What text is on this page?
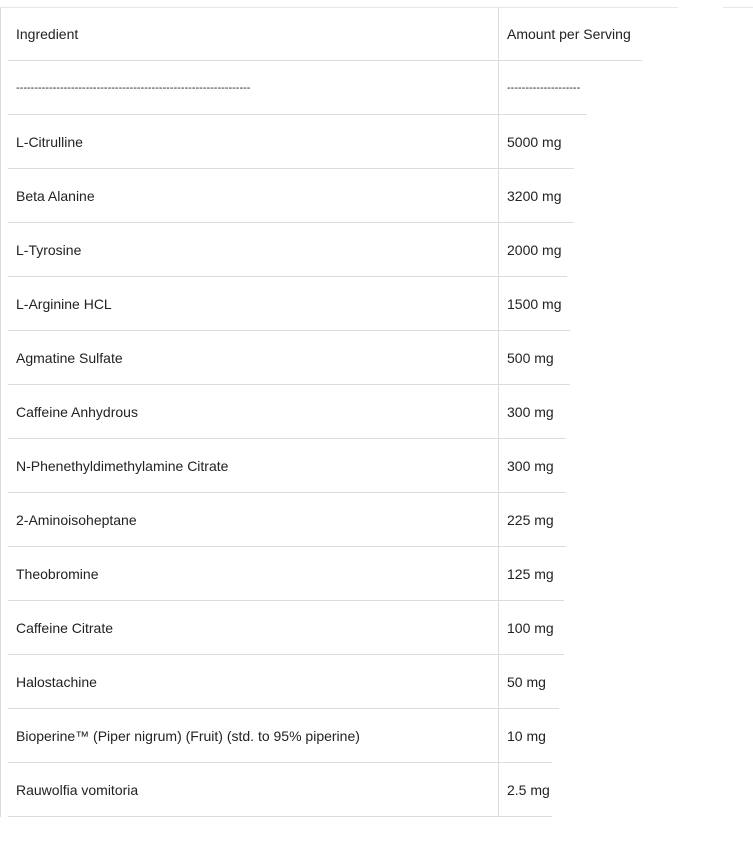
Ingredient	Amount per Serving
----------------------------------------------------------------	--------------------
L-Citrulline	5000 mg
Beta Alanine	3200 mg
L-Tyrosine	2000 mg
L-Arginine HCL	1500 mg
Agmatine Sulfate	500 mg
Caffeine Anhydrous	300 mg
N-Phenethyldimethylamine Citrate	300 mg
2-Aminoisoheptane	225 mg
Theobromine	125 mg
Caffeine Citrate	100 mg
Halostachine	50 mg
Bioperine™ (Piper nigrum) (Fruit) (std. to 95% piperine)	10 mg
Rauwolfia vomitoria	2.5 mg
